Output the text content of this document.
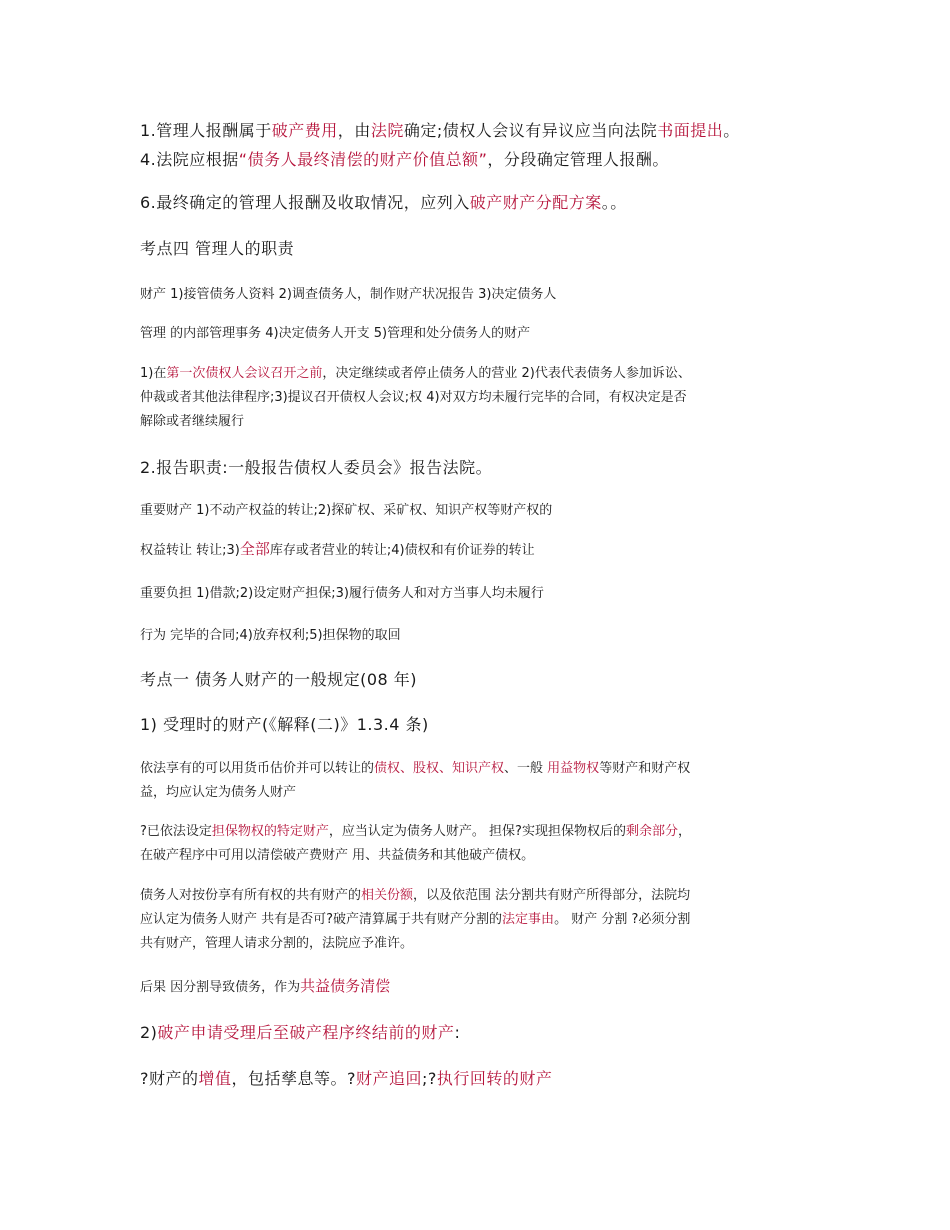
1.管理人报酬属于破产费用，由法院确定;债权人会议有异议应当向法院书面提出。
4.法院应根据“债务人最终清偿的财产价值总额”，分段确定管理人报酬。
6.最终确定的管理人报酬及收取情况，应列入破产财产分配方案。。
考点四 管理人的职责
财产 1)接管债务人资料 2)调查债务人，制作财产状况报告 3)决定债务人
管理 的内部管理事务 4)决定债务人开支 5)管理和处分债务人的财产
1)在第一次债权人会议召开之前，决定继续或者停止债务人的营业 2)代表代表债务人参加诉讼、
仲裁或者其他法律程序;3)提议召开债权人会议;权 4)对双方均未履行完毕的合同，有权决定是否
解除或者继续履行
2.报告职责:一般报告债权人委员会》报告法院。
重要财产 1)不动产权益的转让;2)探矿权、采矿权、知识产权等财产权的
权益转让 转让;3)全部库存或者营业的转让;4)债权和有价证券的转让
重要负担 1)借款;2)设定财产担保;3)履行债务人和对方当事人均未履行
行为 完毕的合同;4)放弃权利;5)担保物的取回
考点一 债务人财产的一般规定(08 年)
1) 受理时的财产(《解释(二)》1.3.4 条)
依法享有的可以用货币估价并可以转让的债权、股权、知识产权、一般 用益物权等财产和财产权
益，均应认定为债务人财产
?已依法设定担保物权的特定财产，应当认定为债务人财产。 担保?实现担保物权后的剩余部分，
在破产程序中可用以清偿破产费财产 用、共益债务和其他破产债权。
债务人对按份享有所有权的共有财产的相关份额，以及依范围 法分割共有财产所得部分，法院均
应认定为债务人财产 共有是否可?破产清算属于共有财产分割的法定事由。 财产 分割 ?必须分割
共有财产，管理人请求分割的，法院应予准许。
后果 因分割导致债务，作为共益债务清偿
2)破产申请受理后至破产程序终结前的财产:
?财产的增值，包括孳息等。?财产追回;?执行回转的财产
